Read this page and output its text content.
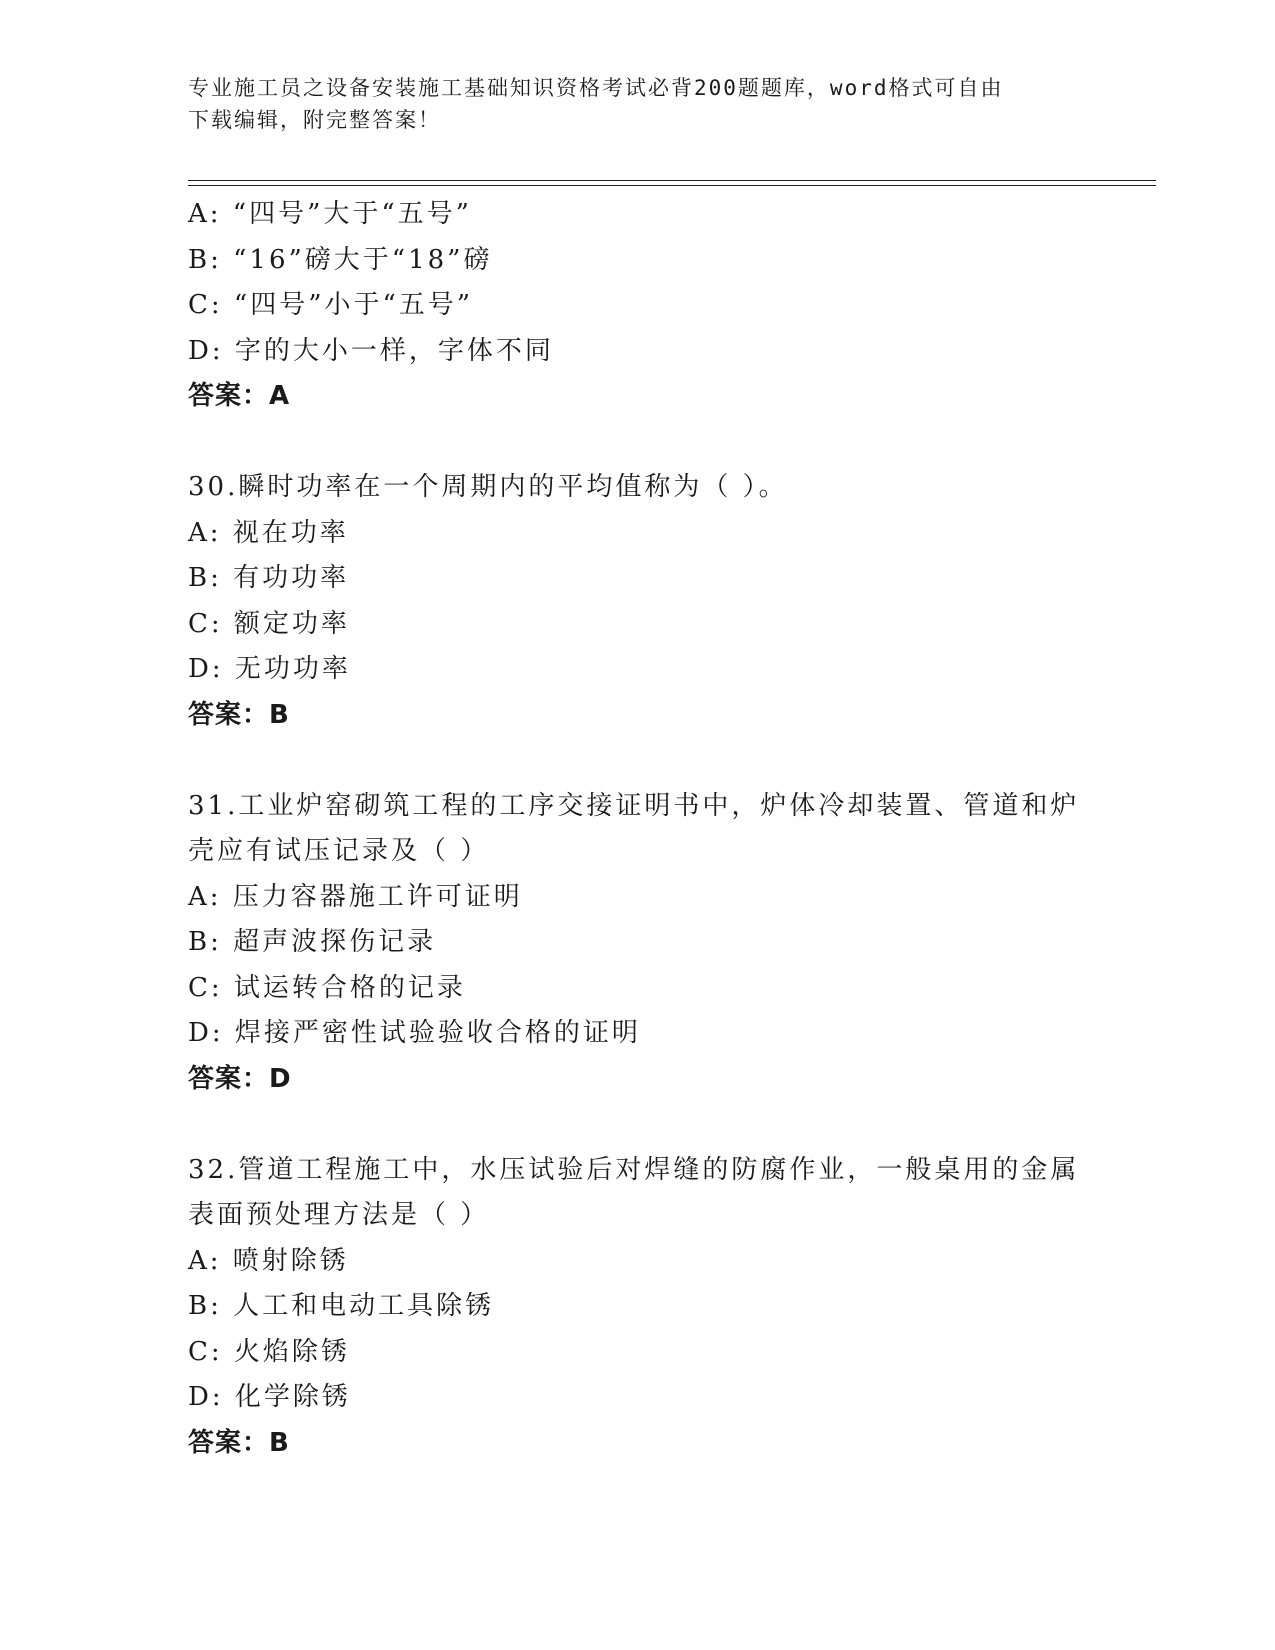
专业施工员之设备安装施工基础知识资格考试必背200题题库，word格式可自由
下载编辑，附完整答案！
A: “四号”大于“五号”
B: “16”磅大于“18”磅
C: “四号”小于“五号”
D: 字的大小一样，字体不同
答案：A
30.瞬时功率在一个周期内的平均值称为（ ）。
A: 视在功率
B: 有功功率
C: 额定功率
D: 无功功率
答案：B
31.工业炉窑砌筑工程的工序交接证明书中，炉体冷却装置、管道和炉
壳应有试压记录及（ ）
A: 压力容器施工许可证明
B: 超声波探伤记录
C: 试运转合格的记录
D: 焊接严密性试验验收合格的证明
答案：D
32.管道工程施工中，水压试验后对焊缝的防腐作业，一般桌用的金属
表面预处理方法是（ ）
A: 喷射除锈
B: 人工和电动工具除锈
C: 火焰除锈
D: 化学除锈
答案：B
